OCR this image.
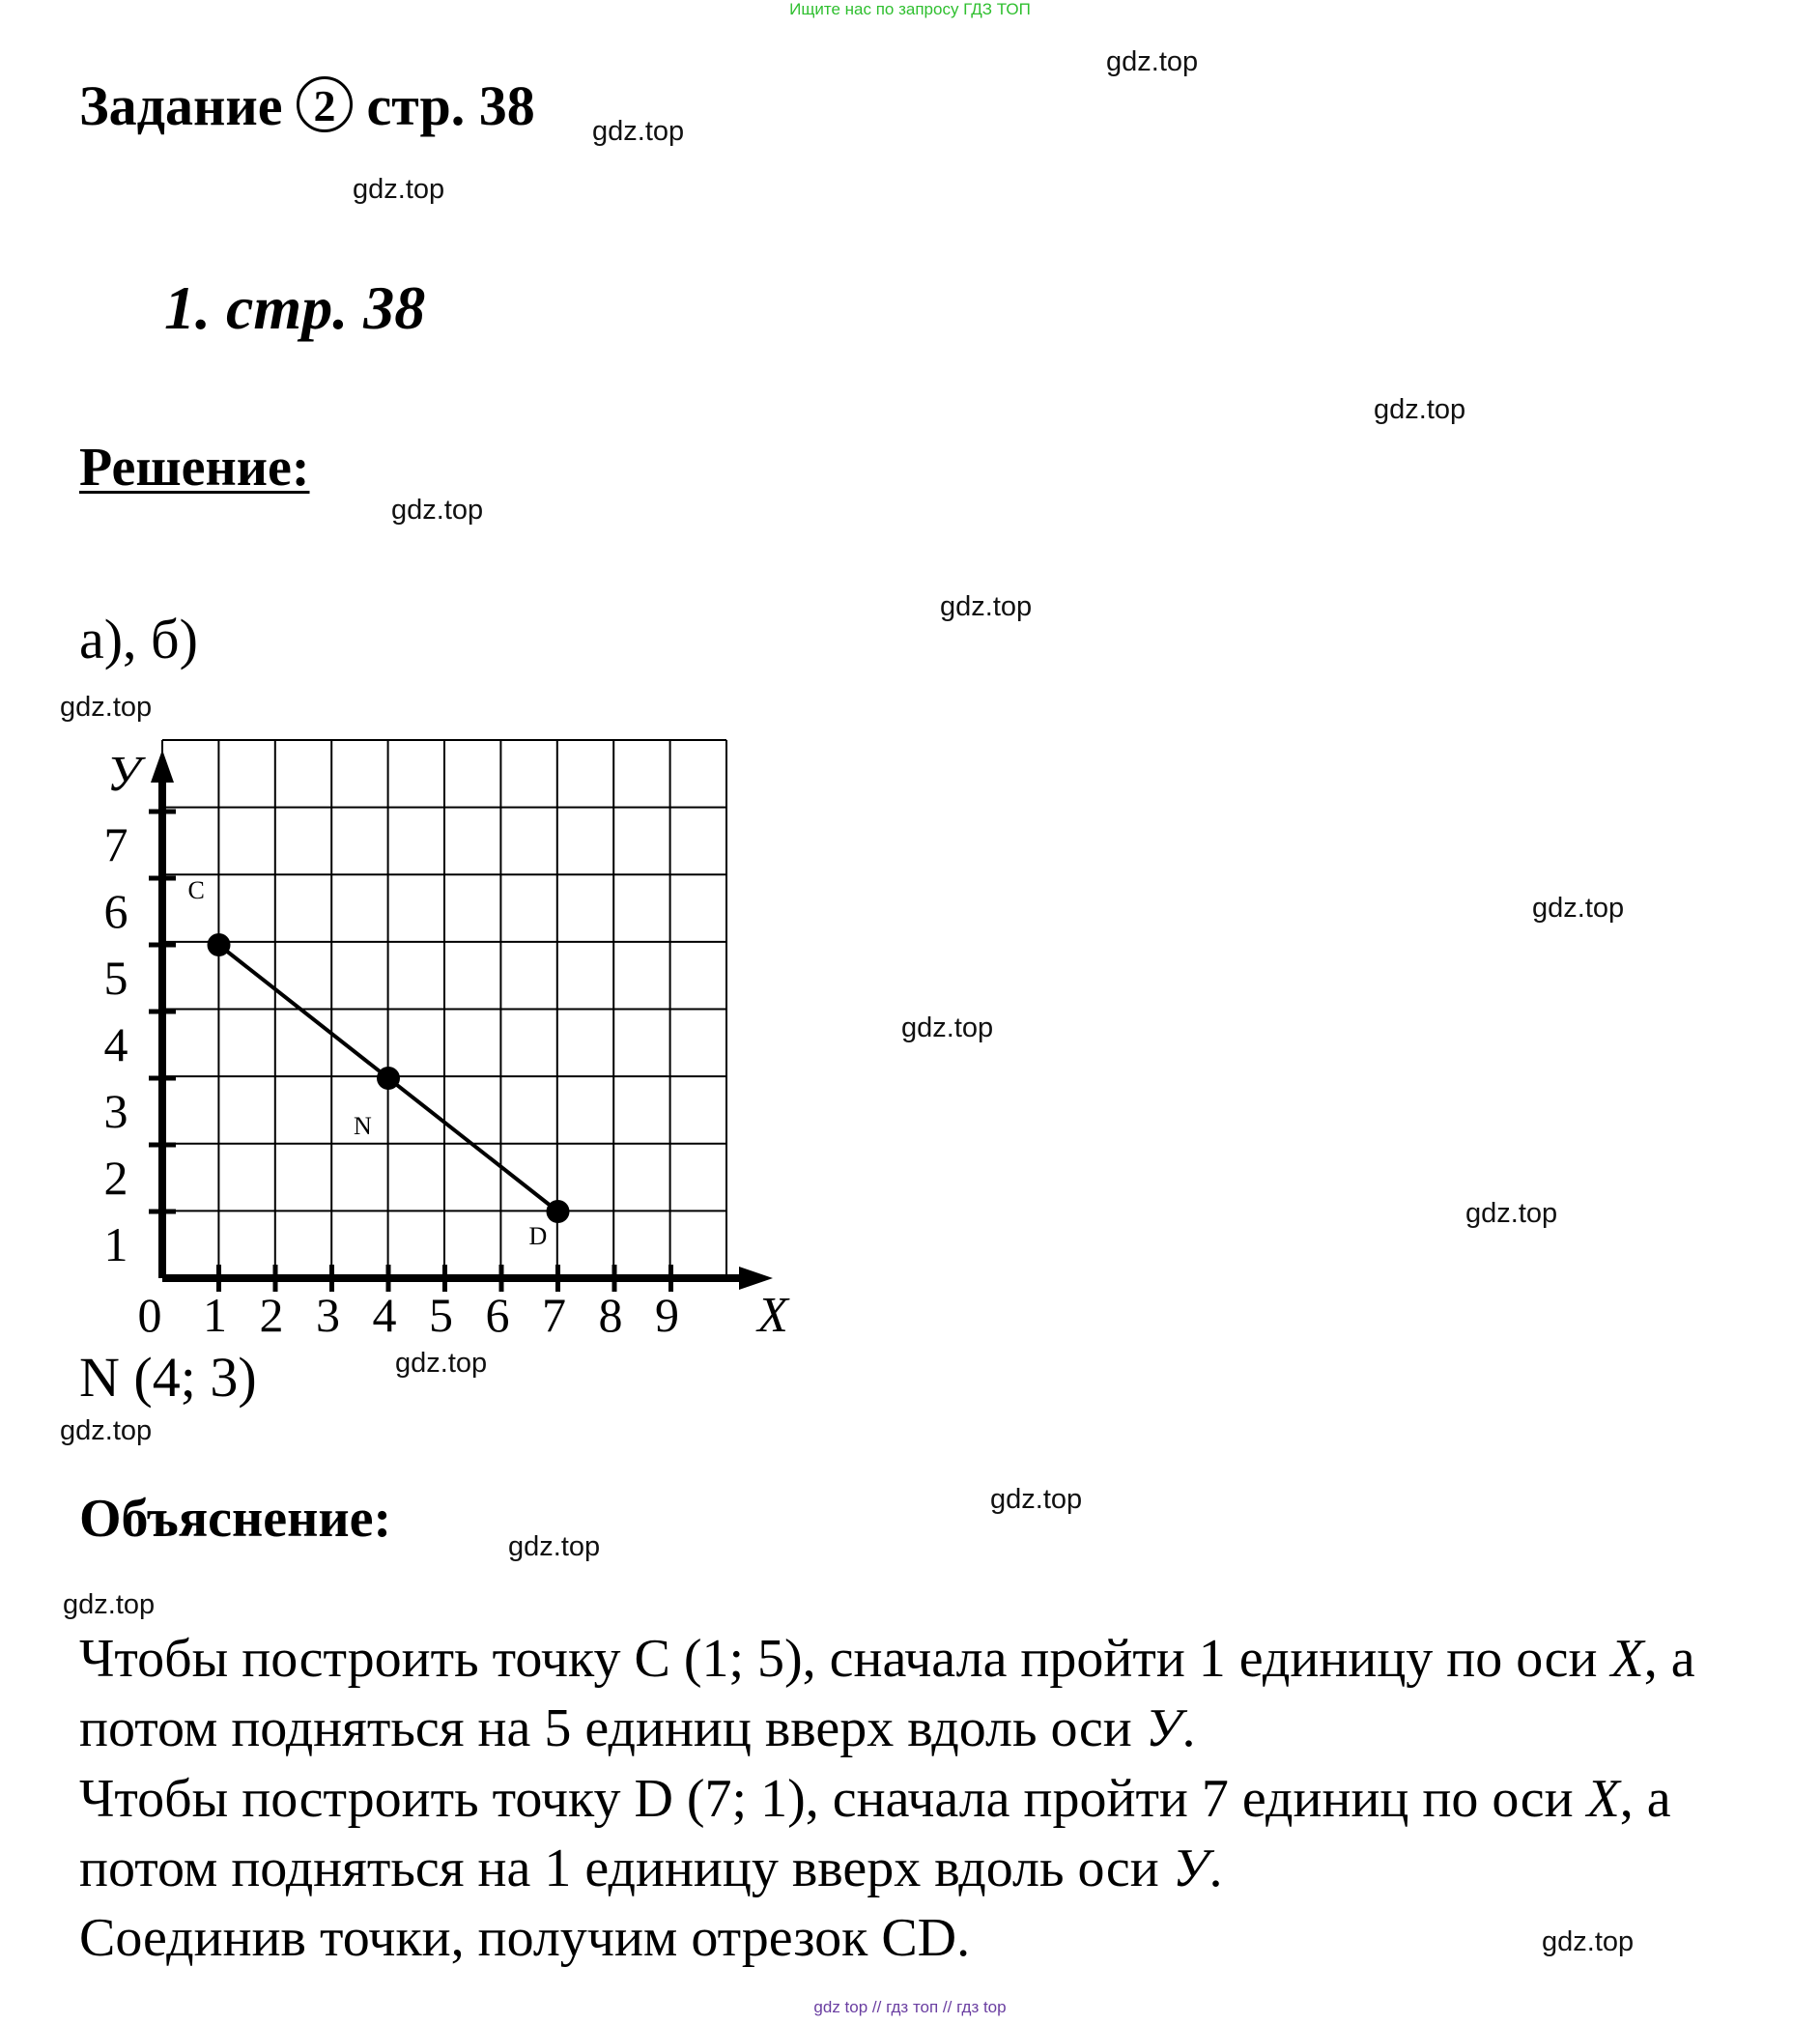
Ищите нас по запросу ГДЗ ТОП
gdz top // гдз топ // гдз top
gdz.top
gdz.top
gdz.top
gdz.top
gdz.top
gdz.top
gdz.top
gdz.top
gdz.top
gdz.top
gdz.top
gdz.top
gdz.top
gdz.top
gdz.top
gdz.top
Задание 2 стр. 38
1. стр. 38
Решение:
а), б)
0 1 2 3 4 5 6 7 8 9
1
2
3
4
5
6
7
X
У
C
N
D
N (4; 3)
Объяснение:
Чтобы построить точку C (1; 5), сначала пройти 1 единицу по оси X, а
потом подняться на 5 единиц вверх вдоль оси У.
Чтобы построить точку D (7; 1), сначала пройти 7 единиц по оси X, а
потом подняться на 1 единицу вверх вдоль оси У.
Соединив точки, получим отрезок CD.
